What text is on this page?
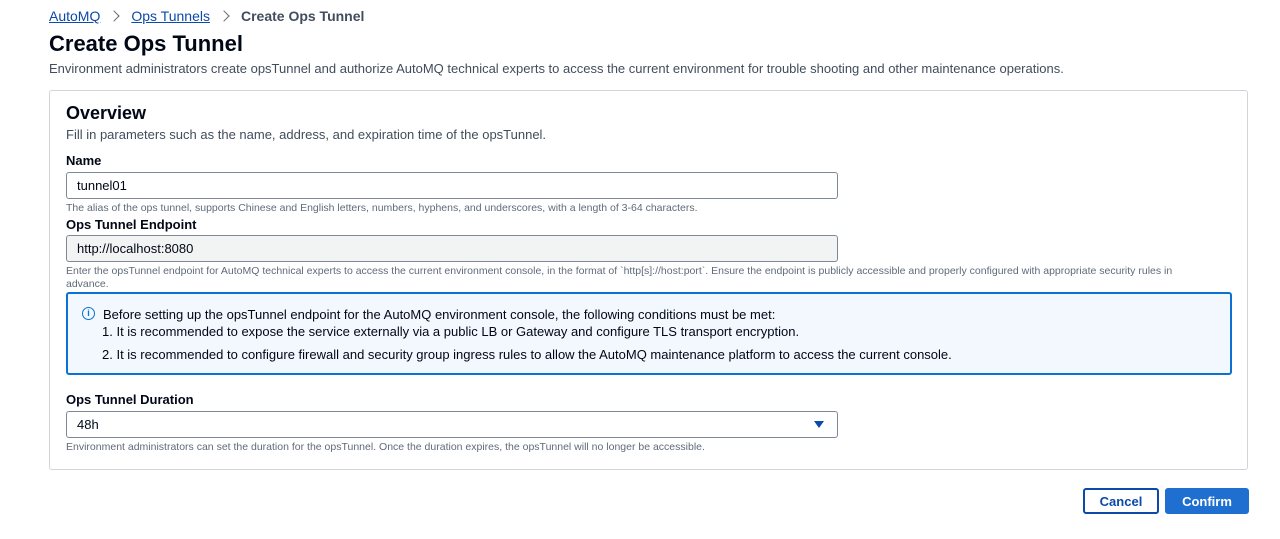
AutoMQ Ops Tunnels Create Ops Tunnel
Create Ops Tunnel
Environment administrators create opsTunnel and authorize AutoMQ technical experts to access the current environment for trouble shooting and other maintenance operations.
Overview
Fill in parameters such as the name, address, and expiration time of the opsTunnel.
Name
tunnel01
The alias of the ops tunnel, supports Chinese and English letters, numbers, hyphens, and underscores, with a length of 3-64 characters.
Ops Tunnel Endpoint
http://localhost:8080
Enter the opsTunnel endpoint for AutoMQ technical experts to access the current environment console, in the format of `http[s]://host:port`. Ensure the endpoint is publicly accessible and properly configured with appropriate security rules in advance.
i	Before setting up the opsTunnel endpoint for the AutoMQ environment console, the following conditions must be met:
1. It is recommended to expose the service externally via a public LB or Gateway and configure TLS transport encryption.
2. It is recommended to configure firewall and security group ingress rules to allow the AutoMQ maintenance platform to access the current console.
Ops Tunnel Duration
48h
Environment administrators can set the duration for the opsTunnel. Once the duration expires, the opsTunnel will no longer be accessible.
Cancel	Confirm
